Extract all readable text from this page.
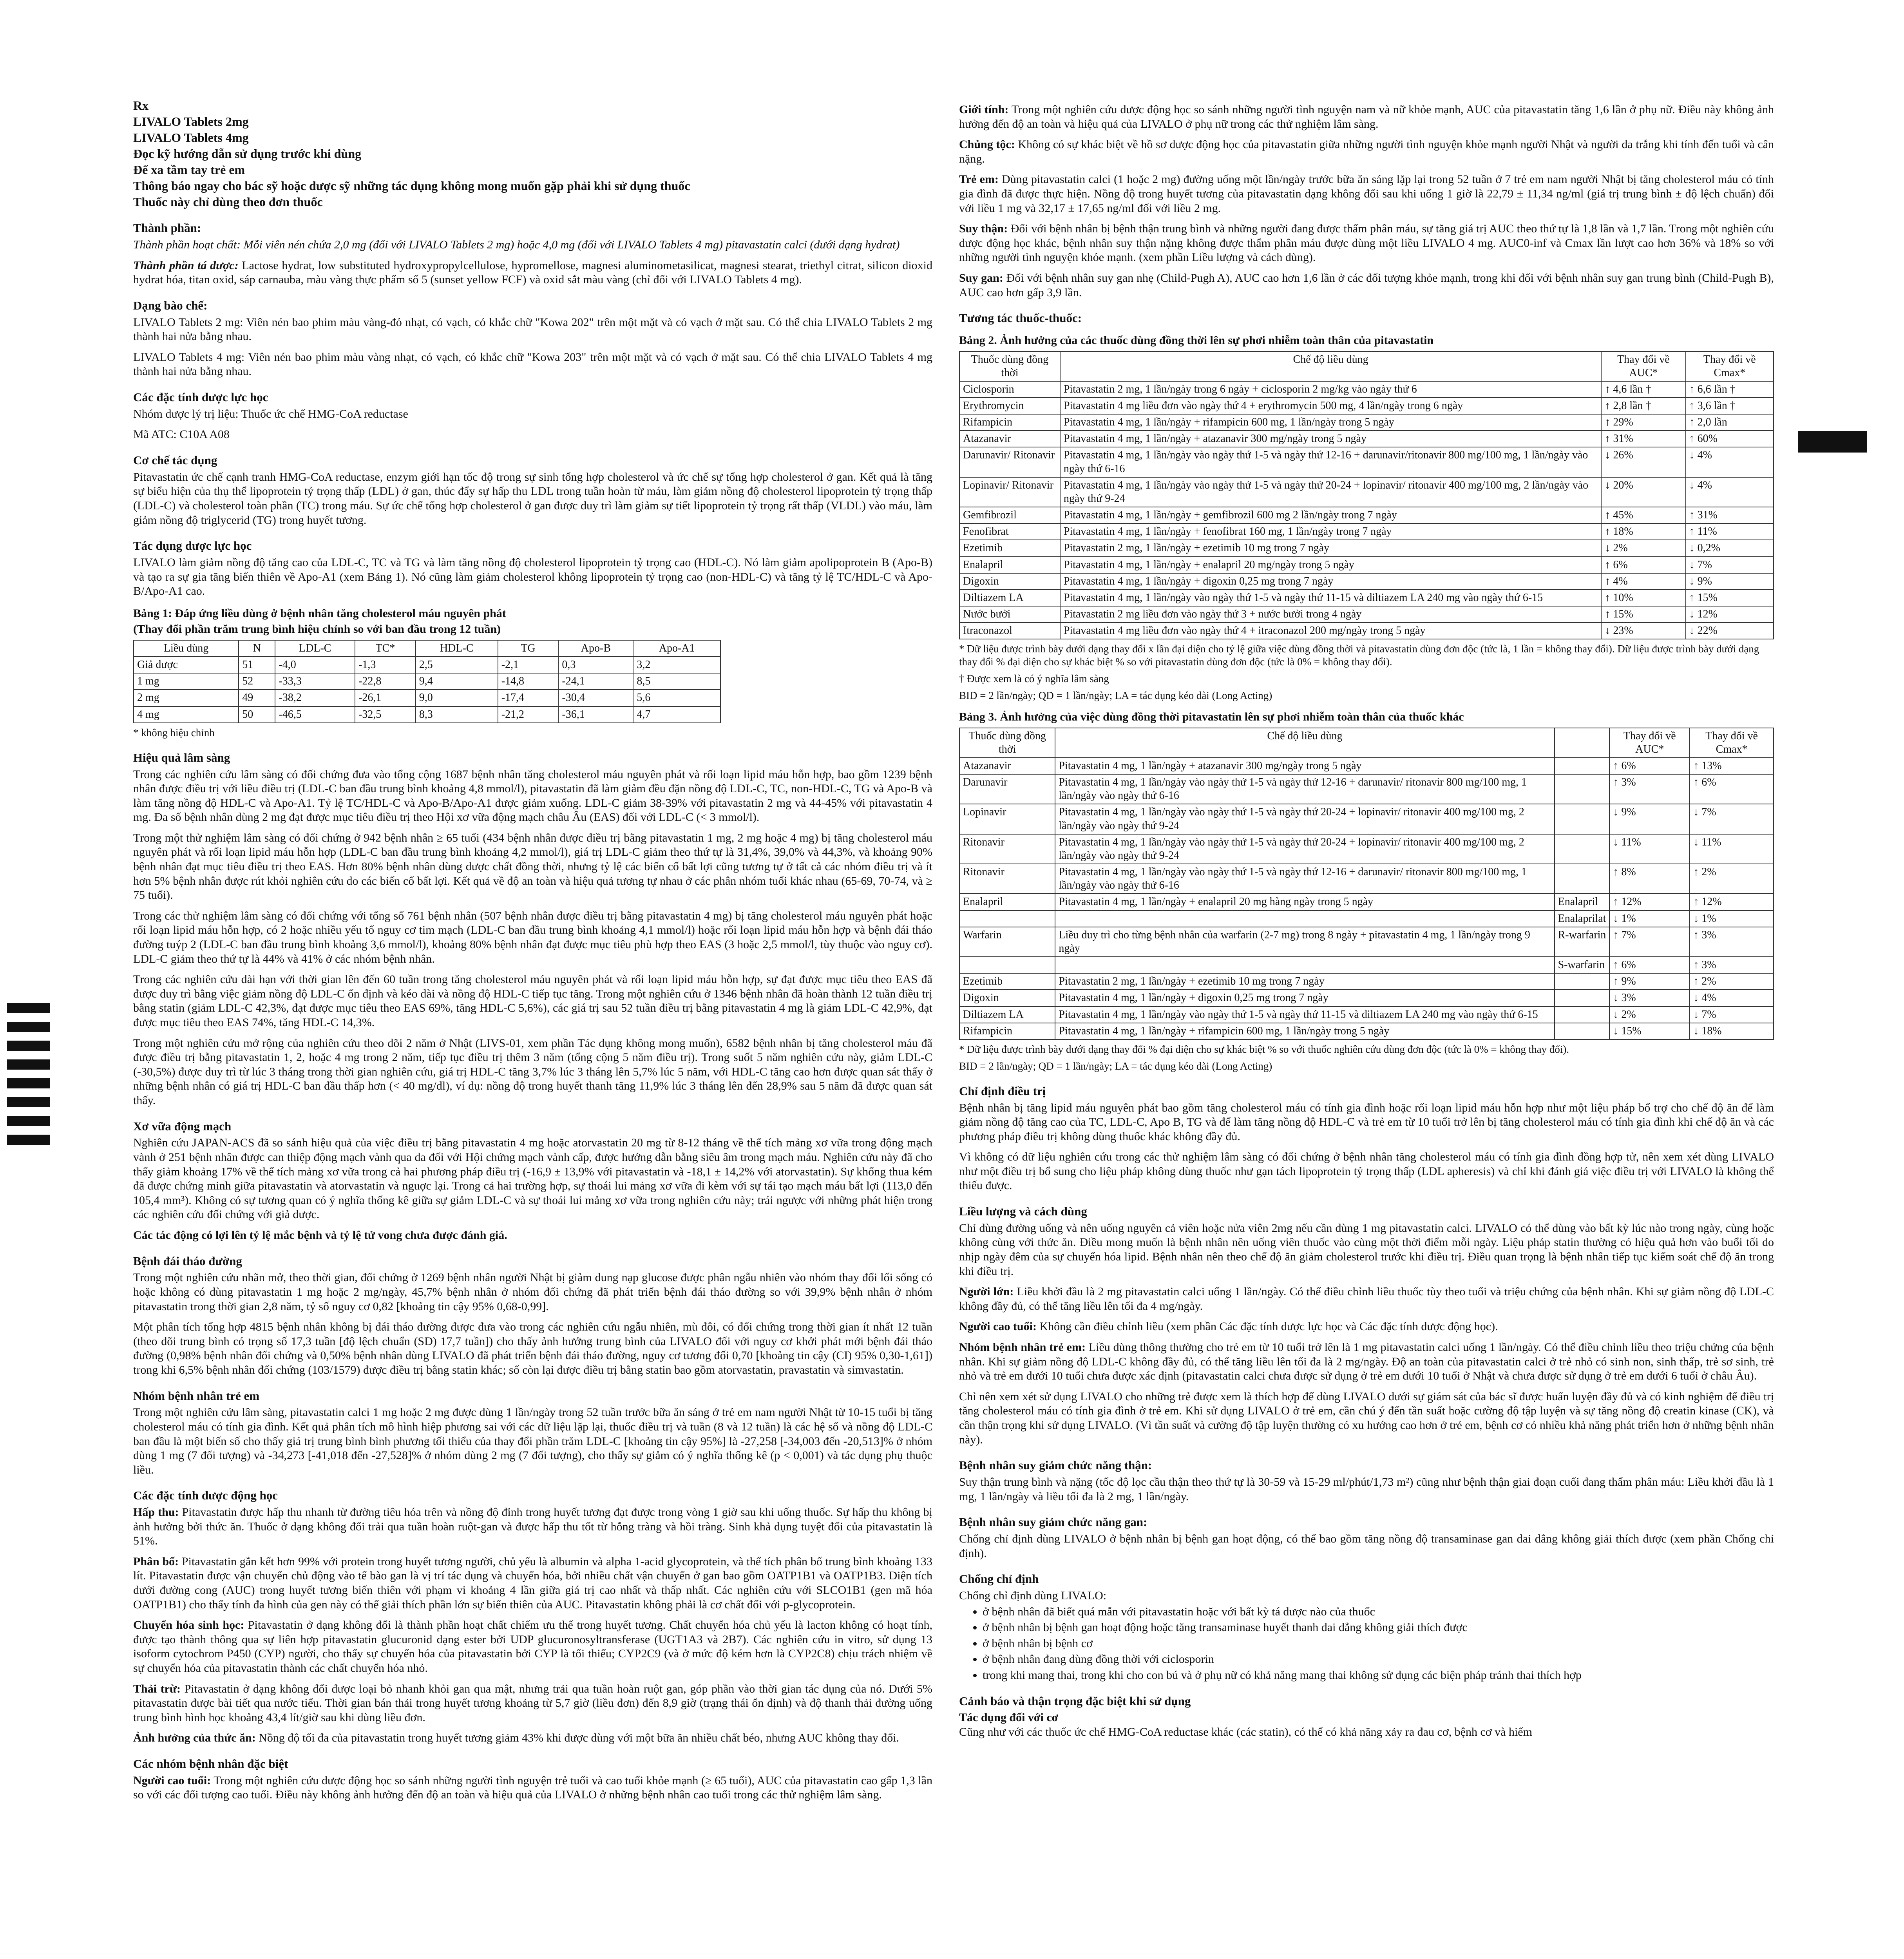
Rx

LIVALO Tablets 2mg

LIVALO Tablets 4mg

Đọc kỹ hướng dẫn sử dụng trước khi dùng

Để xa tầm tay trẻ em

Thông báo ngay cho bác sỹ hoặc dược sỹ những tác dụng không mong muốn gặp phải khi sử dụng thuốc

Thuốc này chỉ dùng theo đơn thuốc

Thành phần:

Thành phần hoạt chất: Mỗi viên nén chứa 2,0 mg (đối với LIVALO Tablets 2 mg) hoặc 4,0 mg (đối với LIVALO Tablets 4 mg) pitavastatin calci (dưới dạng hydrat)

Thành phần tá dược: Lactose hydrat, low substituted hydroxypropylcellulose, hypromellose, magnesi aluminometasilicat, magnesi stearat, triethyl citrat, silicon dioxid hydrat hóa, titan oxid, sáp carnauba, màu vàng thực phẩm số 5 (sunset yellow FCF) và oxid sắt màu vàng (chỉ đối với LIVALO Tablets 4 mg).

Dạng bào chế:

LIVALO Tablets 2 mg: Viên nén bao phim màu vàng-đỏ nhạt, có vạch, có khắc chữ "Kowa 202" trên một mặt và có vạch ở mặt sau. Có thể chia LIVALO Tablets 2 mg thành hai nửa bằng nhau.

LIVALO Tablets 4 mg: Viên nén bao phim màu vàng nhạt, có vạch, có khắc chữ "Kowa 203" trên một mặt và có vạch ở mặt sau. Có thể chia LIVALO Tablets 4 mg thành hai nửa bằng nhau.

Các đặc tính dược lực học

Nhóm dược lý trị liệu: Thuốc ức chế HMG-CoA reductase

Mã ATC: C10A A08

Cơ chế tác dụng

Pitavastatin ức chế cạnh tranh HMG-CoA reductase, enzym giới hạn tốc độ trong sự sinh tổng hợp cholesterol và ức chế sự tổng hợp cholesterol ở gan. Kết quả là tăng sự biểu hiện của thụ thể lipoprotein tỷ trọng thấp (LDL) ở gan, thúc đẩy sự hấp thu LDL trong tuần hoàn từ máu, làm giảm nồng độ cholesterol lipoprotein tỷ trọng thấp (LDL-C) và cholesterol toàn phần (TC) trong máu. Sự ức chế tổng hợp cholesterol ở gan được duy trì làm giảm sự tiết lipoprotein tỷ trọng rất thấp (VLDL) vào máu, làm giảm nồng độ triglycerid (TG) trong huyết tương.

Tác dụng dược lực học

LIVALO làm giảm nồng độ tăng cao của LDL-C, TC và TG và làm tăng nồng độ cholesterol lipoprotein tỷ trọng cao (HDL-C). Nó làm giảm apolipoprotein B (Apo-B) và tạo ra sự gia tăng biến thiên về Apo-A1 (xem Bảng 1). Nó cũng làm giảm cholesterol không lipoprotein tỷ trọng cao (non-HDL-C) và tăng tỷ lệ TC/HDL-C và Apo-B/Apo-A1 cao.

Bảng 1: Đáp ứng liều dùng ở bệnh nhân tăng cholesterol máu nguyên phát
(Thay đổi phần trăm trung bình hiệu chỉnh so với ban đầu trong 12 tuần)
Liều dùng	N	LDL-C	TC*	HDL-C	TG	Apo-B	Apo-A1
Giả dược	51	-4,0	-1,3	2,5	-2,1	0,3	3,2
1 mg	52	-33,3	-22,8	9,4	-14,8	-24,1	8,5
2 mg	49	-38,2	-26,1	9,0	-17,4	-30,4	5,6
4 mg	50	-46,5	-32,5	8,3	-21,2	-36,1	4,7
* không hiệu chỉnh
Hiệu quả lâm sàng

Trong các nghiên cứu lâm sàng có đối chứng đưa vào tổng cộng 1687 bệnh nhân tăng cholesterol máu nguyên phát và rối loạn lipid máu hỗn hợp, bao gồm 1239 bệnh nhân được điều trị với liều điều trị (LDL-C ban đầu trung bình khoảng 4,8 mmol/l), pitavastatin đã làm giảm đều đặn nồng độ LDL-C, TC, non-HDL-C, TG và Apo-B và làm tăng nồng độ HDL-C và Apo-A1. Tỷ lệ TC/HDL-C và Apo-B/Apo-A1 được giảm xuống. LDL-C giảm 38-39% với pitavastatin 2 mg và 44-45% với pitavastatin 4 mg. Đa số bệnh nhân dùng 2 mg đạt được mục tiêu điều trị theo Hội xơ vữa động mạch châu Âu (EAS) đối với LDL-C (< 3 mmol/l).

Trong một thử nghiệm lâm sàng có đối chứng ở 942 bệnh nhân ≥ 65 tuổi (434 bệnh nhân được điều trị bằng pitavastatin 1 mg, 2 mg hoặc 4 mg) bị tăng cholesterol máu nguyên phát và rối loạn lipid máu hỗn hợp (LDL-C ban đầu trung bình khoảng 4,2 mmol/l), giá trị LDL-C giảm theo thứ tự là 31,4%, 39,0% và 44,3%, và khoảng 90% bệnh nhân đạt mục tiêu điều trị theo EAS. Hơn 80% bệnh nhân dùng dược chất đồng thời, nhưng tỷ lệ các biến cố bất lợi cũng tương tự ở tất cả các nhóm điều trị và ít hơn 5% bệnh nhân được rút khỏi nghiên cứu do các biến cố bất lợi. Kết quả về độ an toàn và hiệu quả tương tự nhau ở các phân nhóm tuổi khác nhau (65-69, 70-74, và ≥ 75 tuổi).

Trong các thử nghiệm lâm sàng có đối chứng với tổng số 761 bệnh nhân (507 bệnh nhân được điều trị bằng pitavastatin 4 mg) bị tăng cholesterol máu nguyên phát hoặc rối loạn lipid máu hỗn hợp, có 2 hoặc nhiều yếu tố nguy cơ tim mạch (LDL-C ban đầu trung bình khoảng 4,1 mmol/l) hoặc rối loạn lipid máu hỗn hợp và bệnh đái tháo đường tuýp 2 (LDL-C ban đầu trung bình khoảng 3,6 mmol/l), khoảng 80% bệnh nhân đạt được mục tiêu phù hợp theo EAS (3 hoặc 2,5 mmol/l, tùy thuộc vào nguy cơ). LDL-C giảm theo thứ tự là 44% và 41% ở các nhóm bệnh nhân.

Trong các nghiên cứu dài hạn với thời gian lên đến 60 tuần trong tăng cholesterol máu nguyên phát và rối loạn lipid máu hỗn hợp, sự đạt được mục tiêu theo EAS đã được duy trì bằng việc giảm nồng độ LDL-C ổn định và kéo dài và nồng độ HDL-C tiếp tục tăng. Trong một nghiên cứu ở 1346 bệnh nhân đã hoàn thành 12 tuần điều trị bằng statin (giảm LDL-C 42,3%, đạt được mục tiêu theo EAS 69%, tăng HDL-C 5,6%), các giá trị sau 52 tuần điều trị bằng pitavastatin 4 mg là giảm LDL-C 42,9%, đạt được mục tiêu theo EAS 74%, tăng HDL-C 14,3%.

Trong một nghiên cứu mở rộng của nghiên cứu theo dõi 2 năm ở Nhật (LIVS-01, xem phần Tác dụng không mong muốn), 6582 bệnh nhân bị tăng cholesterol máu đã được điều trị bằng pitavastatin 1, 2, hoặc 4 mg trong 2 năm, tiếp tục điều trị thêm 3 năm (tổng cộng 5 năm điều trị). Trong suốt 5 năm nghiên cứu này, giảm LDL-C (-30,5%) được duy trì từ lúc 3 tháng trong thời gian nghiên cứu, giá trị HDL-C tăng 3,7% lúc 3 tháng lên 5,7% lúc 5 năm, với HDL-C tăng cao hơn được quan sát thấy ở những bệnh nhân có giá trị HDL-C ban đầu thấp hơn (< 40 mg/dl), ví dụ: nồng độ trong huyết thanh tăng 11,9% lúc 3 tháng lên đến 28,9% sau 5 năm đã được quan sát thấy.

Xơ vữa động mạch

Nghiên cứu JAPAN-ACS đã so sánh hiệu quả của việc điều trị bằng pitavastatin 4 mg hoặc atorvastatin 20 mg từ 8-12 tháng về thể tích mảng xơ vữa trong động mạch vành ở 251 bệnh nhân được can thiệp động mạch vành qua da đối với Hội chứng mạch vành cấp, được hướng dẫn bằng siêu âm trong mạch máu. Nghiên cứu này đã cho thấy giảm khoảng 17% về thể tích mảng xơ vữa trong cả hai phương pháp điều trị (-16,9 ± 13,9% với pitavastatin và -18,1 ± 14,2% với atorvastatin). Sự khống thua kém đã được chứng minh giữa pitavastatin và atorvastatin và nguợc lại. Trong cả hai trường hợp, sự thoái lui mảng xơ vữa đi kèm với sự tái tạo mạch máu bất lợi (113,0 đến 105,4 mm³). Không có sự tương quan có ý nghĩa thống kê giữa sự giảm LDL-C và sự thoái lui mảng xơ vữa trong nghiên cứu này; trái ngược với những phát hiện trong các nghiên cứu đối chứng với giả dược.

Các tác động có lợi lên tỷ lệ mắc bệnh và tỷ lệ tử vong chưa được đánh giá.

Bệnh đái tháo đường

Trong một nghiên cứu nhãn mở, theo thời gian, đối chứng ở 1269 bệnh nhân người Nhật bị giảm dung nạp glucose được phân ngẫu nhiên vào nhóm thay đổi lối sống có hoặc không có dùng pitavastatin 1 mg hoặc 2 mg/ngày, 45,7% bệnh nhân ở nhóm đối chứng đã phát triển bệnh đái tháo đường so với 39,9% bệnh nhân ở nhóm pitavastatin trong thời gian 2,8 năm, tỷ số nguy cơ 0,82 [khoảng tin cậy 95% 0,68-0,99].

Một phân tích tổng hợp 4815 bệnh nhân không bị đái tháo đường được đưa vào trong các nghiên cứu ngẫu nhiên, mù đôi, có đối chứng trong thời gian ít nhất 12 tuần (theo dõi trung bình có trọng số 17,3 tuần [độ lệch chuẩn (SD) 17,7 tuần]) cho thấy ảnh hưởng trung bình của LIVALO đối với nguy cơ khởi phát mới bệnh đái tháo đường (0,98% bệnh nhân đối chứng và 0,50% bệnh nhân dùng LIVALO đã phát triển bệnh đái tháo đường, nguy cơ tương đối 0,70 [khoảng tin cậy (CI) 95% 0,30-1,61]) trong khi 6,5% bệnh nhân đối chứng (103/1579) được điều trị bằng statin khác; số còn lại được điều trị bằng statin bao gồm atorvastatin, pravastatin và simvastatin.

Nhóm bệnh nhân trẻ em

Trong một nghiên cứu lâm sàng, pitavastatin calci 1 mg hoặc 2 mg được dùng 1 lần/ngày trong 52 tuần trước bữa ăn sáng ở trẻ em nam người Nhật từ 10-15 tuổi bị tăng cholesterol máu có tính gia đình. Kết quả phân tích mô hình hiệp phương sai với các dữ liệu lặp lại, thuốc điều trị và tuần (8 và 12 tuần) là các hệ số và nồng độ LDL-C ban đầu là một biến số cho thấy giá trị trung bình bình phương tối thiểu của thay đổi phần trăm LDL-C [khoảng tin cậy 95%] là -27,258 [-34,003 đến -20,513]% ở nhóm dùng 1 mg (7 đối tượng) và -34,273 [-41,018 đến -27,528]% ở nhóm dùng 2 mg (7 đối tượng), cho thấy sự giảm có ý nghĩa thống kê (p < 0,001) và tác dụng phụ thuộc liều.

Các đặc tính dược động học

Hấp thu: Pitavastatin được hấp thu nhanh từ đường tiêu hóa trên và nồng độ đỉnh trong huyết tương đạt được trong vòng 1 giờ sau khi uống thuốc. Sự hấp thu không bị ảnh hưởng bởi thức ăn. Thuốc ở dạng không đổi trải qua tuần hoàn ruột-gan và được hấp thu tốt từ hỗng tràng và hồi tràng. Sinh khả dụng tuyệt đối của pitavastatin là 51%.

Phân bố: Pitavastatin gắn kết hơn 99% với protein trong huyết tương người, chủ yếu là albumin và alpha 1-acid glycoprotein, và thể tích phân bố trung bình khoảng 133 lít. Pitavastatin được vận chuyển chủ động vào tế bào gan là vị trí tác dụng và chuyển hóa, bởi nhiều chất vận chuyển ở gan bao gồm OATP1B1 và OATP1B3. Diện tích dưới đường cong (AUC) trong huyết tương biến thiên với phạm vi khoảng 4 lần giữa giá trị cao nhất và thấp nhất. Các nghiên cứu với SLCO1B1 (gen mã hóa OATP1B1) cho thấy tính đa hình của gen này có thể giải thích phần lớn sự biến thiên của AUC. Pitavastatin không phải là cơ chất đối với p-glycoprotein.

Chuyển hóa sinh học: Pitavastatin ở dạng không đổi là thành phần hoạt chất chiếm ưu thế trong huyết tương. Chất chuyển hóa chủ yếu là lacton không có hoạt tính, được tạo thành thông qua sự liên hợp pitavastatin glucuronid dạng ester bởi UDP glucuronosyltransferase (UGT1A3 và 2B7). Các nghiên cứu in vitro, sử dụng 13 isoform cytochrom P450 (CYP) người, cho thấy sự chuyển hóa của pitavastatin bởi CYP là tối thiểu; CYP2C9 (và ở mức độ kém hơn là CYP2C8) chịu trách nhiệm về sự chuyển hóa của pitavastatin thành các chất chuyển hóa nhỏ.

Thải trừ: Pitavastatin ở dạng không đổi được loại bỏ nhanh khỏi gan qua mật, nhưng trải qua tuần hoàn ruột gan, góp phần vào thời gian tác dụng của nó. Dưới 5% pitavastatin được bài tiết qua nước tiểu. Thời gian bán thải trong huyết tương khoảng từ 5,7 giờ (liều đơn) đến 8,9 giờ (trạng thái ổn định) và độ thanh thải đường uống trung bình hình học khoảng 43,4 lít/giờ sau khi dùng liều đơn.

Ảnh hưởng của thức ăn: Nồng độ tối đa của pitavastatin trong huyết tương giảm 43% khi được dùng với một bữa ăn nhiều chất béo, nhưng AUC không thay đổi.

Các nhóm bệnh nhân đặc biệt

Người cao tuổi: Trong một nghiên cứu dược động học so sánh những người tình nguyện trẻ tuổi và cao tuổi khỏe mạnh (≥ 65 tuổi), AUC của pitavastatin cao gấp 1,3 lần so với các đối tượng cao tuổi. Điều này không ảnh hưởng đến độ an toàn và hiệu quả của LIVALO ở những bệnh nhân cao tuổi trong các thử nghiệm lâm sàng.

Giới tính: Trong một nghiên cứu dược động học so sánh những người tình nguyện nam và nữ khỏe mạnh, AUC của pitavastatin tăng 1,6 lần ở phụ nữ. Điều này không ảnh hưởng đến độ an toàn và hiệu quả của LIVALO ở phụ nữ trong các thử nghiệm lâm sàng.

Chủng tộc: Không có sự khác biệt về hồ sơ dược động học của pitavastatin giữa những người tình nguyện khỏe mạnh người Nhật và người da trắng khi tính đến tuổi và cân nặng.

Trẻ em: Dùng pitavastatin calci (1 hoặc 2 mg) đường uống một lần/ngày trước bữa ăn sáng lặp lại trong 52 tuần ở 7 trẻ em nam người Nhật bị tăng cholesterol máu có tính gia đình đã được thực hiện. Nồng độ trong huyết tương của pitavastatin dạng không đổi sau khi uống 1 giờ là 22,79 ± 11,34 ng/ml (giá trị trung bình ± độ lệch chuẩn) đối với liều 1 mg và 32,17 ± 17,65 ng/ml đối với liều 2 mg.

Suy thận: Đối với bệnh nhân bị bệnh thận trung bình và những người đang được thẩm phân máu, sự tăng giá trị AUC theo thứ tự là 1,8 lần và 1,7 lần. Trong một nghiên cứu dược động học khác, bệnh nhân suy thận nặng không được thẩm phân máu được dùng một liều LIVALO 4 mg. AUC0-inf và Cmax lần lượt cao hơn 36% và 18% so với những người tình nguyện khỏe mạnh. (xem phần Liều lượng và cách dùng).

Suy gan: Đối với bệnh nhân suy gan nhẹ (Child-Pugh A), AUC cao hơn 1,6 lần ở các đối tượng khỏe mạnh, trong khi đối với bệnh nhân suy gan trung bình (Child-Pugh B), AUC cao hơn gấp 3,9 lần.

Tương tác thuốc-thuốc:
Bảng 2. Ảnh hưởng của các thuốc dùng đồng thời lên sự phơi nhiễm toàn thân của pitavastatin
Thuốc dùng đồng thời	Chế độ liều dùng	Thay đổi về AUC*	Thay đổi về Cmax*
Ciclosporin	Pitavastatin 2 mg, 1 lần/ngày trong 6 ngày + ciclosporin 2 mg/kg vào ngày thứ 6	↑ 4,6 lần †	↑ 6,6 lần †
Erythromycin	Pitavastatin 4 mg liều đơn vào ngày thứ 4 + erythromycin 500 mg, 4 lần/ngày trong 6 ngày	↑ 2,8 lần †	↑ 3,6 lần †
Rifampicin	Pitavastatin 4 mg, 1 lần/ngày + rifampicin 600 mg, 1 lần/ngày trong 5 ngày	↑ 29%	↑ 2,0 lần
Atazanavir	Pitavastatin 4 mg, 1 lần/ngày + atazanavir 300 mg/ngày trong 5 ngày	↑ 31%	↑ 60%
Darunavir/ Ritonavir	Pitavastatin 4 mg, 1 lần/ngày vào ngày thứ 1-5 và ngày thứ 12-16 + darunavir/ritonavir 800 mg/100 mg, 1 lần/ngày vào ngày thứ 6-16	↓ 26%	↓ 4%
Lopinavir/ Ritonavir	Pitavastatin 4 mg, 1 lần/ngày vào ngày thứ 1-5 và ngày thứ 20-24 + lopinavir/ ritonavir 400 mg/100 mg, 2 lần/ngày vào ngày thứ 9-24	↓ 20%	↓ 4%
Gemfibrozil	Pitavastatin 4 mg, 1 lần/ngày + gemfibrozil 600 mg 2 lần/ngày trong 7 ngày	↑ 45%	↑ 31%
Fenofibrat	Pitavastatin 4 mg, 1 lần/ngày + fenofibrat 160 mg, 1 lần/ngày trong 7 ngày	↑ 18%	↑ 11%
Ezetimib	Pitavastatin 2 mg, 1 lần/ngày + ezetimib 10 mg trong 7 ngày	↓ 2%	↓ 0,2%
Enalapril	Pitavastatin 4 mg, 1 lần/ngày + enalapril 20 mg/ngày trong 5 ngày	↑ 6%	↓ 7%
Digoxin	Pitavastatin 4 mg, 1 lần/ngày + digoxin 0,25 mg trong 7 ngày	↑ 4%	↓ 9%
Diltiazem LA	Pitavastatin 4 mg, 1 lần/ngày vào ngày thứ 1-5 và ngày thứ 11-15 và diltiazem LA 240 mg vào ngày thứ 6-15	↑ 10%	↑ 15%
Nước bưởi	Pitavastatin 2 mg liều đơn vào ngày thứ 3 + nước bưởi trong 4 ngày	↑ 15%	↓ 12%
Itraconazol	Pitavastatin 4 mg liều đơn vào ngày thứ 4 + itraconazol 200 mg/ngày trong 5 ngày	↓ 23%	↓ 22%
* Dữ liệu được trình bày dưới dạng thay đổi x lần đại diện cho tỷ lệ giữa việc dùng đồng thời và pitavastatin dùng đơn độc (tức là, 1 lần = không thay đổi). Dữ liệu được trình bày dưới dạng thay đổi % đại diện cho sự khác biệt % so với pitavastatin dùng đơn độc (tức là 0% = không thay đổi).
† Được xem là có ý nghĩa lâm sàng
BID = 2 lần/ngày; QD = 1 lần/ngày; LA = tác dụng kéo dài (Long Acting)
Bảng 3. Ảnh hưởng của việc dùng đồng thời pitavastatin lên sự phơi nhiễm toàn thân của thuốc khác
Thuốc dùng đồng thời	Chế độ liều dùng		Thay đổi về AUC*	Thay đổi về Cmax*
Atazanavir	Pitavastatin 4 mg, 1 lần/ngày + atazanavir 300 mg/ngày trong 5 ngày		↑ 6%	↑ 13%
Darunavir	Pitavastatin 4 mg, 1 lần/ngày vào ngày thứ 1-5 và ngày thứ 12-16 + darunavir/ ritonavir 800 mg/100 mg, 1 lần/ngày vào ngày thứ 6-16		↑ 3%	↑ 6%
Lopinavir	Pitavastatin 4 mg, 1 lần/ngày vào ngày thứ 1-5 và ngày thứ 20-24 + lopinavir/ ritonavir 400 mg/100 mg, 2 lần/ngày vào ngày thứ 9-24		↓ 9%	↓ 7%
Ritonavir	Pitavastatin 4 mg, 1 lần/ngày vào ngày thứ 1-5 và ngày thứ 20-24 + lopinavir/ ritonavir 400 mg/100 mg, 2 lần/ngày vào ngày thứ 9-24		↓ 11%	↓ 11%
Ritonavir	Pitavastatin 4 mg, 1 lần/ngày vào ngày thứ 1-5 và ngày thứ 12-16 + darunavir/ ritonavir 800 mg/100 mg, 1 lần/ngày vào ngày thứ 6-16		↑ 8%	↑ 2%
Enalapril	Pitavastatin 4 mg, 1 lần/ngày + enalapril 20 mg hàng ngày trong 5 ngày	Enalapril	↑ 12%	↑ 12%
		Enalaprilat	↓ 1%	↓ 1%
Warfarin	Liều duy trì cho từng bệnh nhân của warfarin (2-7 mg) trong 8 ngày + pitavastatin 4 mg, 1 lần/ngày trong 9 ngày	R-warfarin	↑ 7%	↑ 3%
		S-warfarin	↑ 6%	↑ 3%
Ezetimib	Pitavastatin 2 mg, 1 lần/ngày + ezetimib 10 mg trong 7 ngày		↑ 9%	↑ 2%
Digoxin	Pitavastatin 4 mg, 1 lần/ngày + digoxin 0,25 mg trong 7 ngày		↓ 3%	↓ 4%
Diltiazem LA	Pitavastatin 4 mg, 1 lần/ngày vào ngày thứ 1-5 và ngày thứ 11-15 và diltiazem LA 240 mg vào ngày thứ 6-15		↓ 2%	↓ 7%
Rifampicin	Pitavastatin 4 mg, 1 lần/ngày + rifampicin 600 mg, 1 lần/ngày trong 5 ngày		↓ 15%	↓ 18%
* Dữ liệu được trình bày dưới dạng thay đổi % đại diện cho sự khác biệt % so với thuốc nghiên cứu dùng đơn độc (tức là 0% = không thay đổi).
BID = 2 lần/ngày; QD = 1 lần/ngày; LA = tác dụng kéo dài (Long Acting)
Chỉ định điều trị

Bệnh nhân bị tăng lipid máu nguyên phát bao gồm tăng cholesterol máu có tính gia đình hoặc rối loạn lipid máu hỗn hợp như một liệu pháp bổ trợ cho chế độ ăn để làm giảm nồng độ tăng cao của TC, LDL-C, Apo B, TG và để làm tăng nồng độ HDL-C và trẻ em từ 10 tuổi trở lên bị tăng cholesterol máu có tính gia đình khi chế độ ăn và các phương pháp điều trị không dùng thuốc khác không đầy đủ.

Vì không có dữ liệu nghiên cứu trong các thử nghiệm lâm sàng có đối chứng ở bệnh nhân tăng cholesterol máu có tính gia đình đồng hợp tử, nên xem xét dùng LIVALO như một điều trị bổ sung cho liệu pháp không dùng thuốc như gạn tách lipoprotein tỷ trọng thấp (LDL apheresis) và chỉ khi đánh giá việc điều trị với LIVALO là không thể thiếu được.

Liều lượng và cách dùng

Chỉ dùng đường uống và nên uống nguyên cả viên hoặc nửa viên 2mg nếu cần dùng 1 mg pitavastatin calci. LIVALO có thể dùng vào bất kỳ lúc nào trong ngày, cùng hoặc không cùng với thức ăn. Điều mong muốn là bệnh nhân nên uống viên thuốc vào cùng một thời điểm mỗi ngày. Liệu pháp statin thường có hiệu quả hơn vào buổi tối do nhịp ngày đêm của sự chuyển hóa lipid. Bệnh nhân nên theo chế độ ăn giảm cholesterol trước khi điều trị. Điều quan trọng là bệnh nhân tiếp tục kiểm soát chế độ ăn trong khi điều trị.

Người lớn: Liều khởi đầu là 2 mg pitavastatin calci uống 1 lần/ngày. Có thể điều chỉnh liều thuốc tùy theo tuổi và triệu chứng của bệnh nhân. Khi sự giảm nồng độ LDL-C không đầy đủ, có thể tăng liều lên tối đa 4 mg/ngày.

Người cao tuổi: Không cần điều chỉnh liều (xem phần Các đặc tính dược lực học và Các đặc tính dược động học).

Nhóm bệnh nhân trẻ em: Liều dùng thông thường cho trẻ em từ 10 tuổi trở lên là 1 mg pitavastatin calci uống 1 lần/ngày. Có thể điều chỉnh liều theo triệu chứng của bệnh nhân. Khi sự giảm nồng độ LDL-C không đầy đủ, có thể tăng liều lên tối đa là 2 mg/ngày. Độ an toàn của pitavastatin calci ở trẻ nhỏ có sinh non, sinh thấp, trẻ sơ sinh, trẻ nhỏ và trẻ em dưới 10 tuổi chưa được xác định (pitavastatin calci chưa được sử dụng ở trẻ em dưới 10 tuổi ở Nhật và chưa được sử dụng ở trẻ em dưới 6 tuổi ở châu Âu).

Chỉ nên xem xét sử dụng LIVALO cho những trẻ được xem là thích hợp để dùng LIVALO dưới sự giám sát của bác sĩ được huấn luyện đầy đủ và có kinh nghiệm để điều trị tăng cholesterol máu có tính gia đình ở trẻ em. Khi sử dụng LIVALO ở trẻ em, cần chú ý đến tần suất hoặc cường độ tập luyện và sự tăng nồng độ creatin kinase (CK), và cần thận trọng khi sử dụng LIVALO. (Vì tần suất và cường độ tập luyện thường có xu hướng cao hơn ở trẻ em, bệnh cơ có nhiều khả năng phát triển hơn ở những bệnh nhân này).

Bệnh nhân suy giảm chức năng thận:

Suy thận trung bình và nặng (tốc độ lọc cầu thận theo thứ tự là 30-59 và 15-29 ml/phút/1,73 m²) cũng như bệnh thận giai đoạn cuối đang thẩm phân máu: Liều khởi đầu là 1 mg, 1 lần/ngày và liều tối đa là 2 mg, 1 lần/ngày.

Bệnh nhân suy giảm chức năng gan:

Chống chỉ định dùng LIVALO ở bệnh nhân bị bệnh gan hoạt động, có thể bao gồm tăng nồng độ transaminase gan dai dẳng không giải thích được (xem phần Chống chỉ định).

Chống chỉ định

Chống chỉ định dùng LIVALO:

• ở bệnh nhân đã biết quá mẫn với pitavastatin hoặc với bất kỳ tá dược nào của thuốc
• ở bệnh nhân bị bệnh gan hoạt động hoặc tăng transaminase huyết thanh dai dẳng không giải thích được
• ở bệnh nhân bị bệnh cơ
• ở bệnh nhân đang dùng đồng thời với ciclosporin
• trong khi mang thai, trong khi cho con bú và ở phụ nữ có khả năng mang thai không sử dụng các biện pháp tránh thai thích hợp
Cảnh báo và thận trọng đặc biệt khi sử dụng
Tác dụng đối với cơ

Cũng như với các thuốc ức chế HMG-CoA reductase khác (các statin), có thể có khả năng xảy ra đau cơ, bệnh cơ và hiếm
